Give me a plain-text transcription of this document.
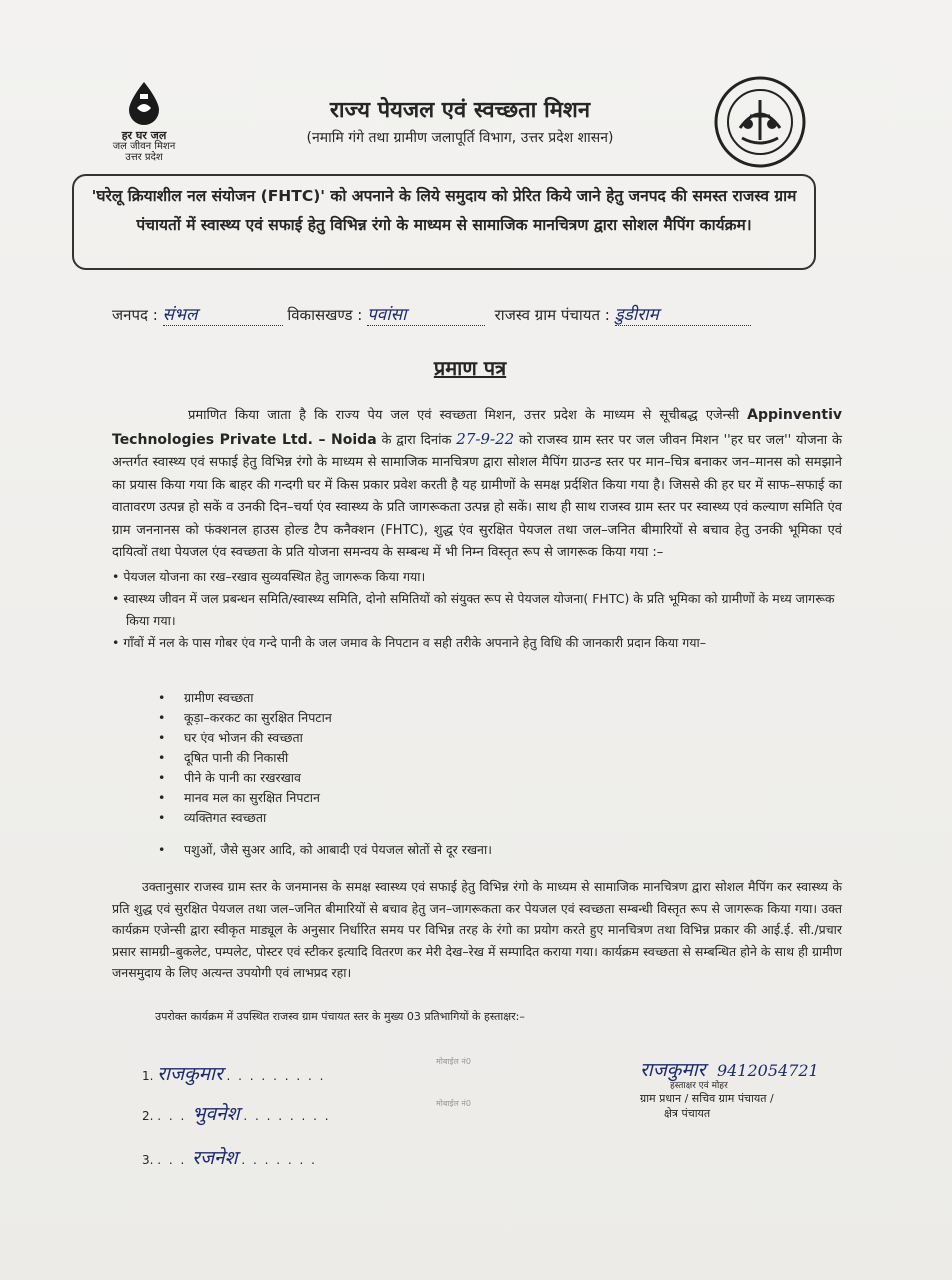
हर घर जल
जल जीवन मिशन
उत्तर प्रदेश
राज्य पेयजल एवं स्वच्छता मिशन
(नमामि गंगे तथा ग्रामीण जलापूर्ति विभाग, उत्तर प्रदेश शासन)
'घरेलू क्रियाशील नल संयोजन (FHTC)' को अपनाने के लिये समुदाय को प्रेरित किये जाने हेतु जनपद की समस्त राजस्व ग्राम पंचायतों में स्वास्थ्य एवं सफाई हेतु विभिन्न रंगो के माध्यम से सामाजिक मानचित्रण द्वारा सोशल मैपिंग कार्यक्रम।
जनपद : संभल	विकासखण्ड : पवांसा	राजस्व ग्राम पंचायत : डुडीराम
प्रमाण पत्र
प्रमाणित किया जाता है कि राज्य पेय जल एवं स्वच्छता मिशन, उत्तर प्रदेश के माध्यम से सूचीबद्ध एजेन्सी Appinventiv Technologies Private Ltd. – Noida के द्वारा दिनांक 27-9-22 को राजस्व ग्राम स्तर पर जल जीवन मिशन ''हर घर जल'' योजना के अन्तर्गत स्वास्थ्य एवं सफाई हेतु विभिन्न रंगो के माध्यम से सामाजिक मानचित्रण द्वारा सोशल मैपिंग ग्राउन्ड स्तर पर मान–चित्र बनाकर जन–मानस को समझाने का प्रयास किया गया कि बाहर की गन्दगी घर में किस प्रकार प्रवेश करती है यह ग्रामीणों के समक्ष प्रर्दशित किया गया है। जिससे की हर घर में साफ–सफाई का वातावरण उत्पन्न हो सकें व उनकी दिन–चर्या एंव स्वास्थ्य के प्रति जागरूकता उत्पन्न हो सकें। साथ ही साथ राजस्व ग्राम स्तर पर स्वास्थ्य एवं कल्याण समिति एंव ग्राम जननानस को फंक्शनल हाउस होल्ड टैप कनैक्शन (FHTC), शुद्ध एंव सुरक्षित पेयजल तथा जल–जनित बीमारियों से बचाव हेतु उनकी भूमिका एवं दायित्वों तथा पेयजल एंव स्वच्छता के प्रति योजना समन्वय के सम्बन्ध में भी निम्न विस्तृत रूप से जागरूक किया गया :–
• पेयजल योजना का रख–रखाव सुव्यवस्थित हेतु जागरूक किया गया।
• स्वास्थ्य जीवन में जल प्रबन्धन समिति/स्वास्थ्य समिति, दोनो समितियों को संयुक्त रूप से पेयजल योजना( FHTC) के प्रति भूमिका को ग्रामीणों के मध्य जागरूक किया गया।
• गाँवों में नल के पास गोबर एंव गन्दे पानी के जल जमाव के निपटान व सही तरीके अपनाने हेतु विधि की जानकारी प्रदान किया गया–
• ग्रामीण स्वच्छता
• कूड़ा–करकट का सुरक्षित निपटान
• घर एंव भोजन की स्वच्छता
• दूषित पानी की निकासी
• पीने के पानी का रखरखाव
• मानव मल का सुरक्षित निपटान
• व्यक्तिगत स्वच्छता
• पशुओं, जैसे सुअर आदि, को आबादी एवं पेयजल स्रोतों से दूर रखना।
उक्तानुसार राजस्व ग्राम स्तर के जनमानस के समक्ष स्वास्थ्य एवं सफाई हेतु विभिन्न रंगो के माध्यम से सामाजिक मानचित्रण द्वारा सोशल मैपिंग कर स्वास्थ्य के प्रति शुद्ध एवं सुरक्षित पेयजल तथा जल–जनित बीमारियों से बचाव हेतु जन–जागरूकता कर पेयजल एवं स्वच्छता सम्बन्धी विस्तृत रूप से जागरूक किया गया। उक्त कार्यक्रम एजेन्सी द्वारा स्वीकृत माड्यूल के अनुसार निर्धारित समय पर विभिन्न तरह के रंगो का प्रयोग करते हुए मानचित्रण तथा विभिन्न प्रकार की आई.ई. सी./प्रचार प्रसार सामग्री–बुकलेट, पम्पलेट, पोस्टर एवं स्टीकर इत्यादि वितरण कर मेरी देख–रेख में सम्पादित कराया गया। कार्यक्रम स्वच्छता से सम्बन्धित होने के साथ ही ग्रामीण जनसमुदाय के लिए अत्यन्त उपयोगी एवं लाभप्रद रहा।
उपरोक्त कार्यक्रम में उपस्थित राजस्व ग्राम पंचायत स्तर के मुख्य 03 प्रतिभागियों के हस्ताक्षर:–
1. राजकुमार . . . . . . . . .
मोबाईल नं0
2. . . . भुवनेश . . . . . . . .
मोबाईल नं0
3. . . . रजनेश . . . . . . .
राजकुमार 9412054721
हस्ताक्षर एवं मोहर
ग्राम प्रधान / सचिव ग्राम पंचायत /
क्षेत्र पंचायत
